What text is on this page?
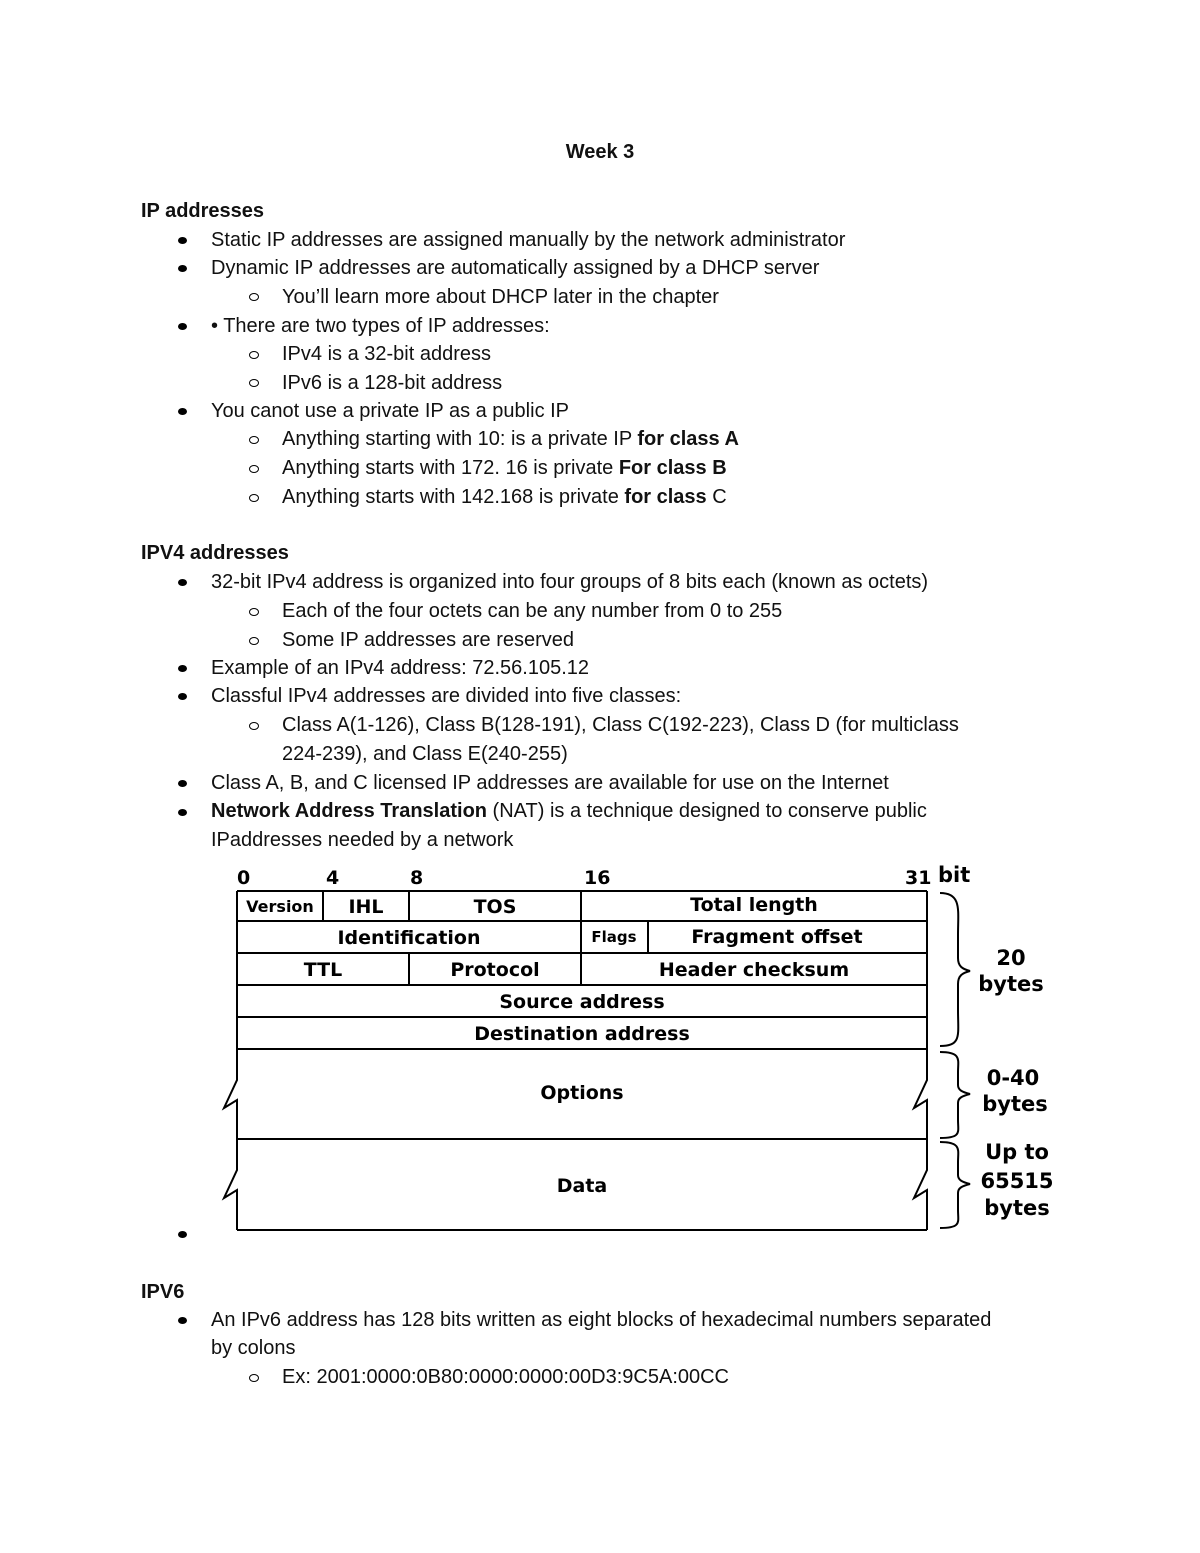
Week 3
IP addresses
Static IP addresses are assigned manually by the network administrator
Dynamic IP addresses are automatically assigned by a DHCP server
You’ll learn more about DHCP later in the chapter
• There are two types of IP addresses:
IPv4 is a 32-bit address
IPv6 is a 128-bit address
You canot use a private IP as a public IP
Anything starting with 10: is a private IP for class A
Anything starts with 172. 16 is private For class B
Anything starts with 142.168 is private for class C
IPV4 addresses
32-bit IPv4 address is organized into four groups of 8 bits each (known as octets)
Each of the four octets can be any number from 0 to 255
Some IP addresses are reserved
Example of an IPv4 address: 72.56.105.12
Classful IPv4 addresses are divided into five classes:
Class A(1-126), Class B(128-191), Class C(192-223), Class D (for multiclass
224-239), and Class E(240-255)
Class A, B, and C licensed IP addresses are available for use on the Internet
Network Address Translation (NAT) is a technique designed to conserve public
IPaddresses needed by a network
0	4	8	16	31 bit
Version IHL	TOS	Total length
Identification	Flags	Fragment offset
TTL	Protocol	Header checksum
Source address
Destination address
Options
Data
20
bytes
0-40
bytes
Up to
65515
bytes
IPV6
An IPv6 address has 128 bits written as eight blocks of hexadecimal numbers separated
by colons
Ex: 2001:0000:0B80:0000:0000:00D3:9C5A:00CC
